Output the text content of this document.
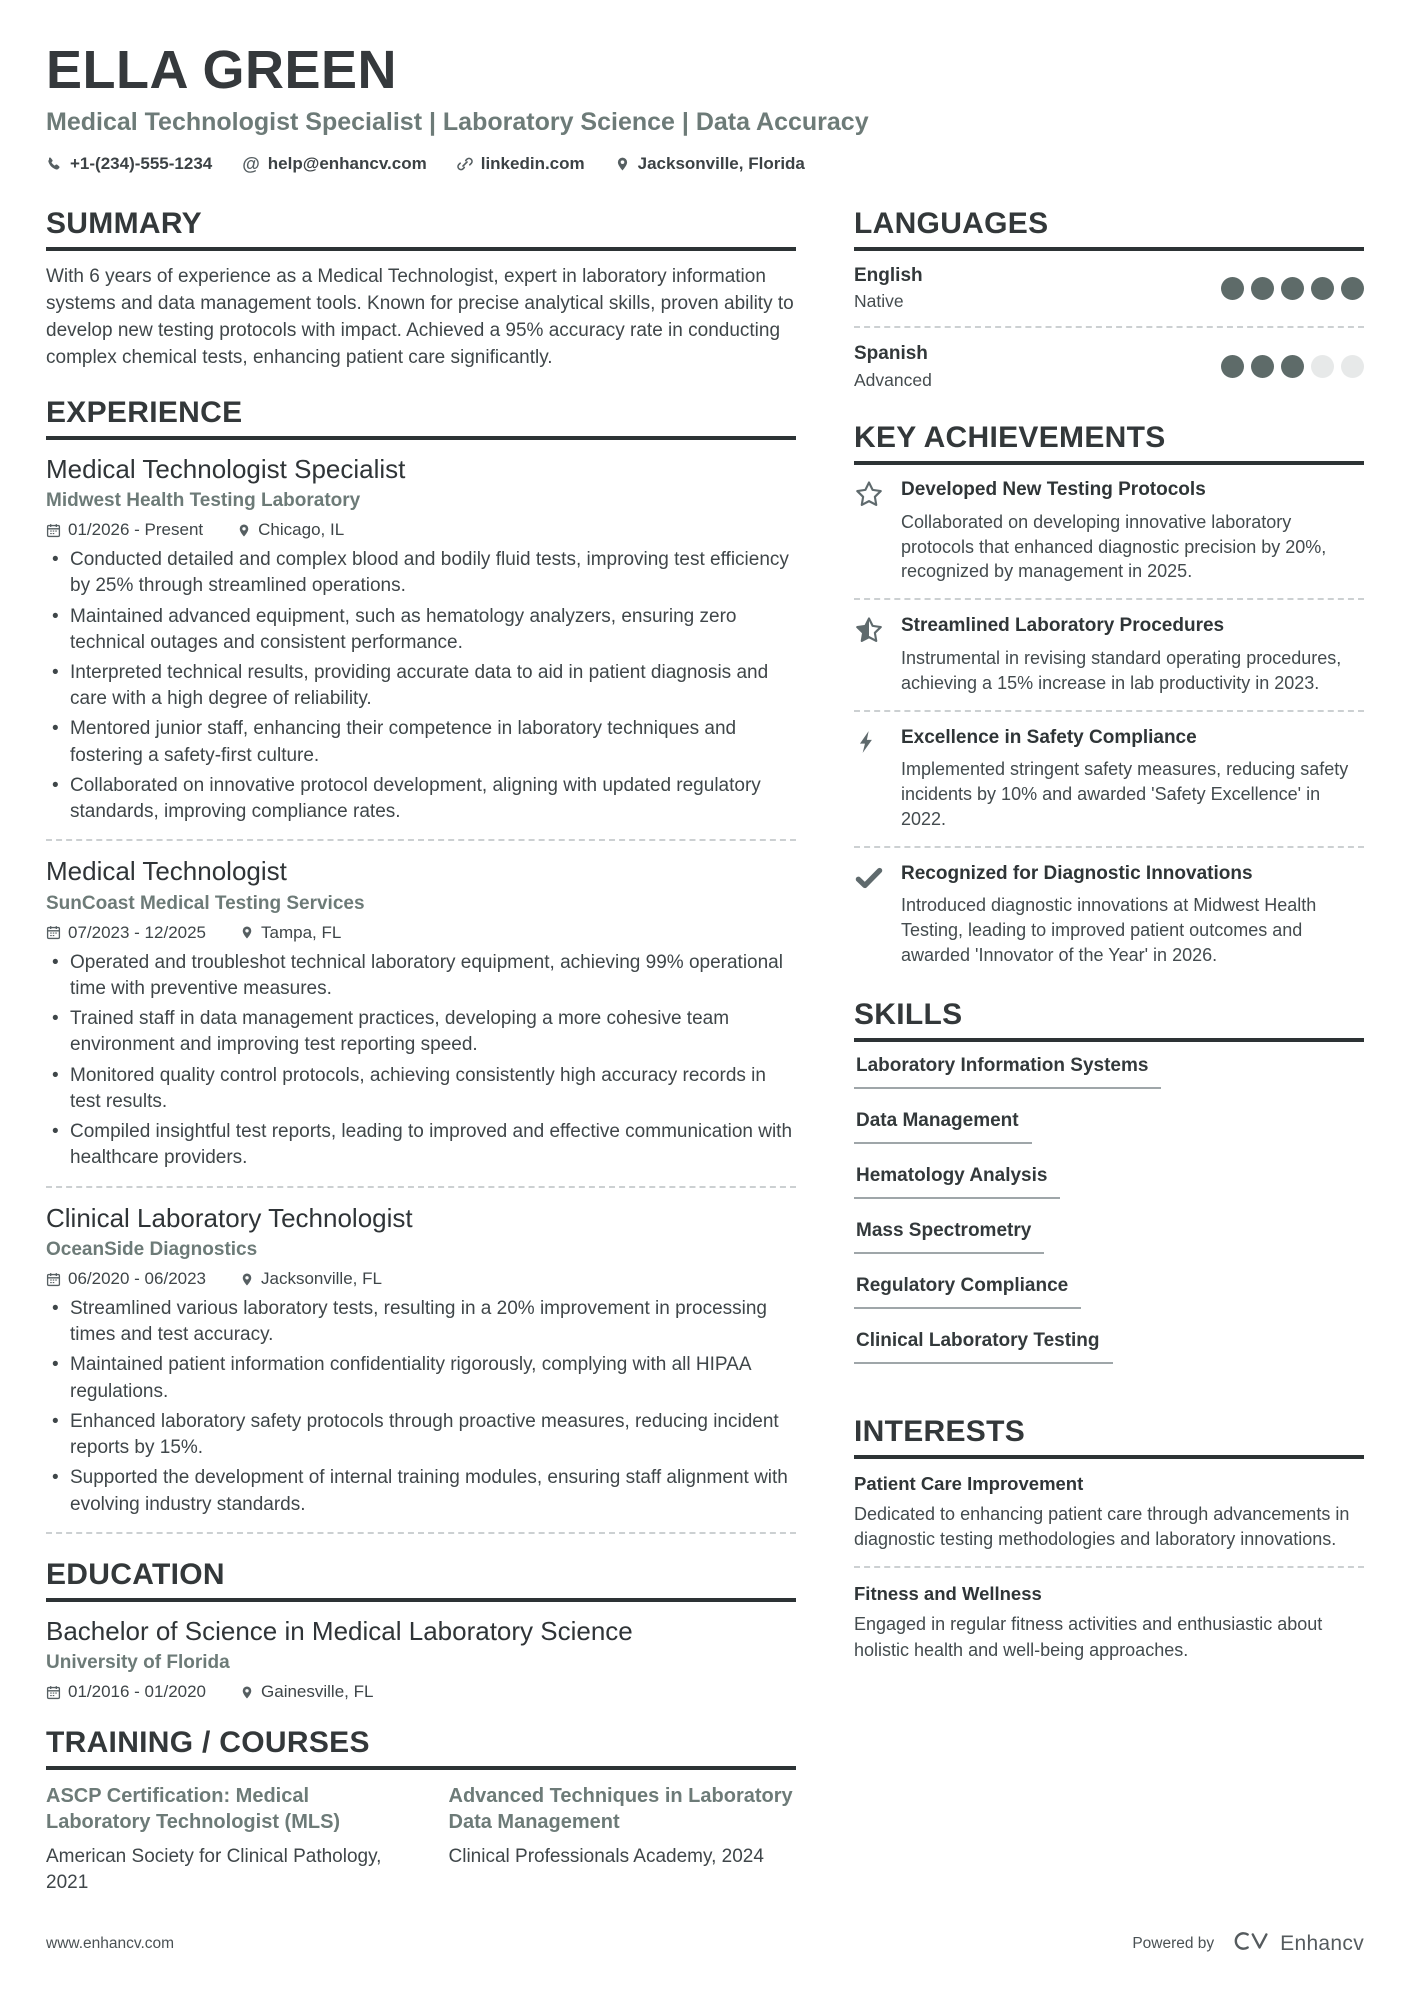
ELLA GREEN
Medical Technologist Specialist | Laboratory Science | Data Accuracy
+1-(234)-555-1234 @ help@enhancv.com	linkedin.com	Jacksonville, Florida
SUMMARY

With 6 years of experience as a Medical Technologist, expert in laboratory information systems and data management tools. Known for precise analytical skills, proven ability to develop new testing protocols with impact. Achieved a 95% accuracy rate in conducting complex chemical tests, enhancing patient care significantly.

EXPERIENCE
Medical Technologist Specialist
Midwest Health Testing Laboratory
01/2026 - Present	Chicago, IL
• Conducted detailed and complex blood and bodily fluid tests, improving test efficiency by 25% through streamlined operations.
• Maintained advanced equipment, such as hematology analyzers, ensuring zero technical outages and consistent performance.
• Interpreted technical results, providing accurate data to aid in patient diagnosis and care with a high degree of reliability.
• Mentored junior staff, enhancing their competence in laboratory techniques and fostering a safety-first culture.
• Collaborated on innovative protocol development, aligning with updated regulatory standards, improving compliance rates.
Medical Technologist
SunCoast Medical Testing Services
07/2023 - 12/2025	Tampa, FL
• Operated and troubleshot technical laboratory equipment, achieving 99% operational time with preventive measures.
• Trained staff in data management practices, developing a more cohesive team environment and improving test reporting speed.
• Monitored quality control protocols, achieving consistently high accuracy records in test results.
• Compiled insightful test reports, leading to improved and effective communication with healthcare providers.
Clinical Laboratory Technologist
OceanSide Diagnostics
06/2020 - 06/2023	Jacksonville, FL
• Streamlined various laboratory tests, resulting in a 20% improvement in processing times and test accuracy.
• Maintained patient information confidentiality rigorously, complying with all HIPAA regulations.
• Enhanced laboratory safety protocols through proactive measures, reducing incident reports by 15%.
• Supported the development of internal training modules, ensuring staff alignment with evolving industry standards.
EDUCATION
Bachelor of Science in Medical Laboratory Science
University of Florida
01/2016 - 01/2020	Gainesville, FL
TRAINING / COURSES
ASCP Certification: Medical Laboratory Technologist (MLS)
American Society for Clinical Pathology, 2021
Advanced Techniques in Laboratory Data Management
Clinical Professionals Academy, 2024
LANGUAGES
English
Native
Spanish
Advanced
KEY ACHIEVEMENTS
Developed New Testing Protocols
Collaborated on developing innovative laboratory protocols that enhanced diagnostic precision by 20%, recognized by management in 2025.
Streamlined Laboratory Procedures
Instrumental in revising standard operating procedures, achieving a 15% increase in lab productivity in 2023.
Excellence in Safety Compliance
Implemented stringent safety measures, reducing safety incidents by 10% and awarded 'Safety Excellence' in 2022.
Recognized for Diagnostic Innovations
Introduced diagnostic innovations at Midwest Health Testing, leading to improved patient outcomes and awarded 'Innovator of the Year' in 2026.
SKILLS
Laboratory Information Systems
Data Management
Hematology Analysis
Mass Spectrometry
Regulatory Compliance
Clinical Laboratory Testing
INTERESTS
Patient Care Improvement
Dedicated to enhancing patient care through advancements in diagnostic testing methodologies and laboratory innovations.
Fitness and Wellness
Engaged in regular fitness activities and enthusiastic about holistic health and well-being approaches.
www.enhancv.com	Powered by	Enhancv
